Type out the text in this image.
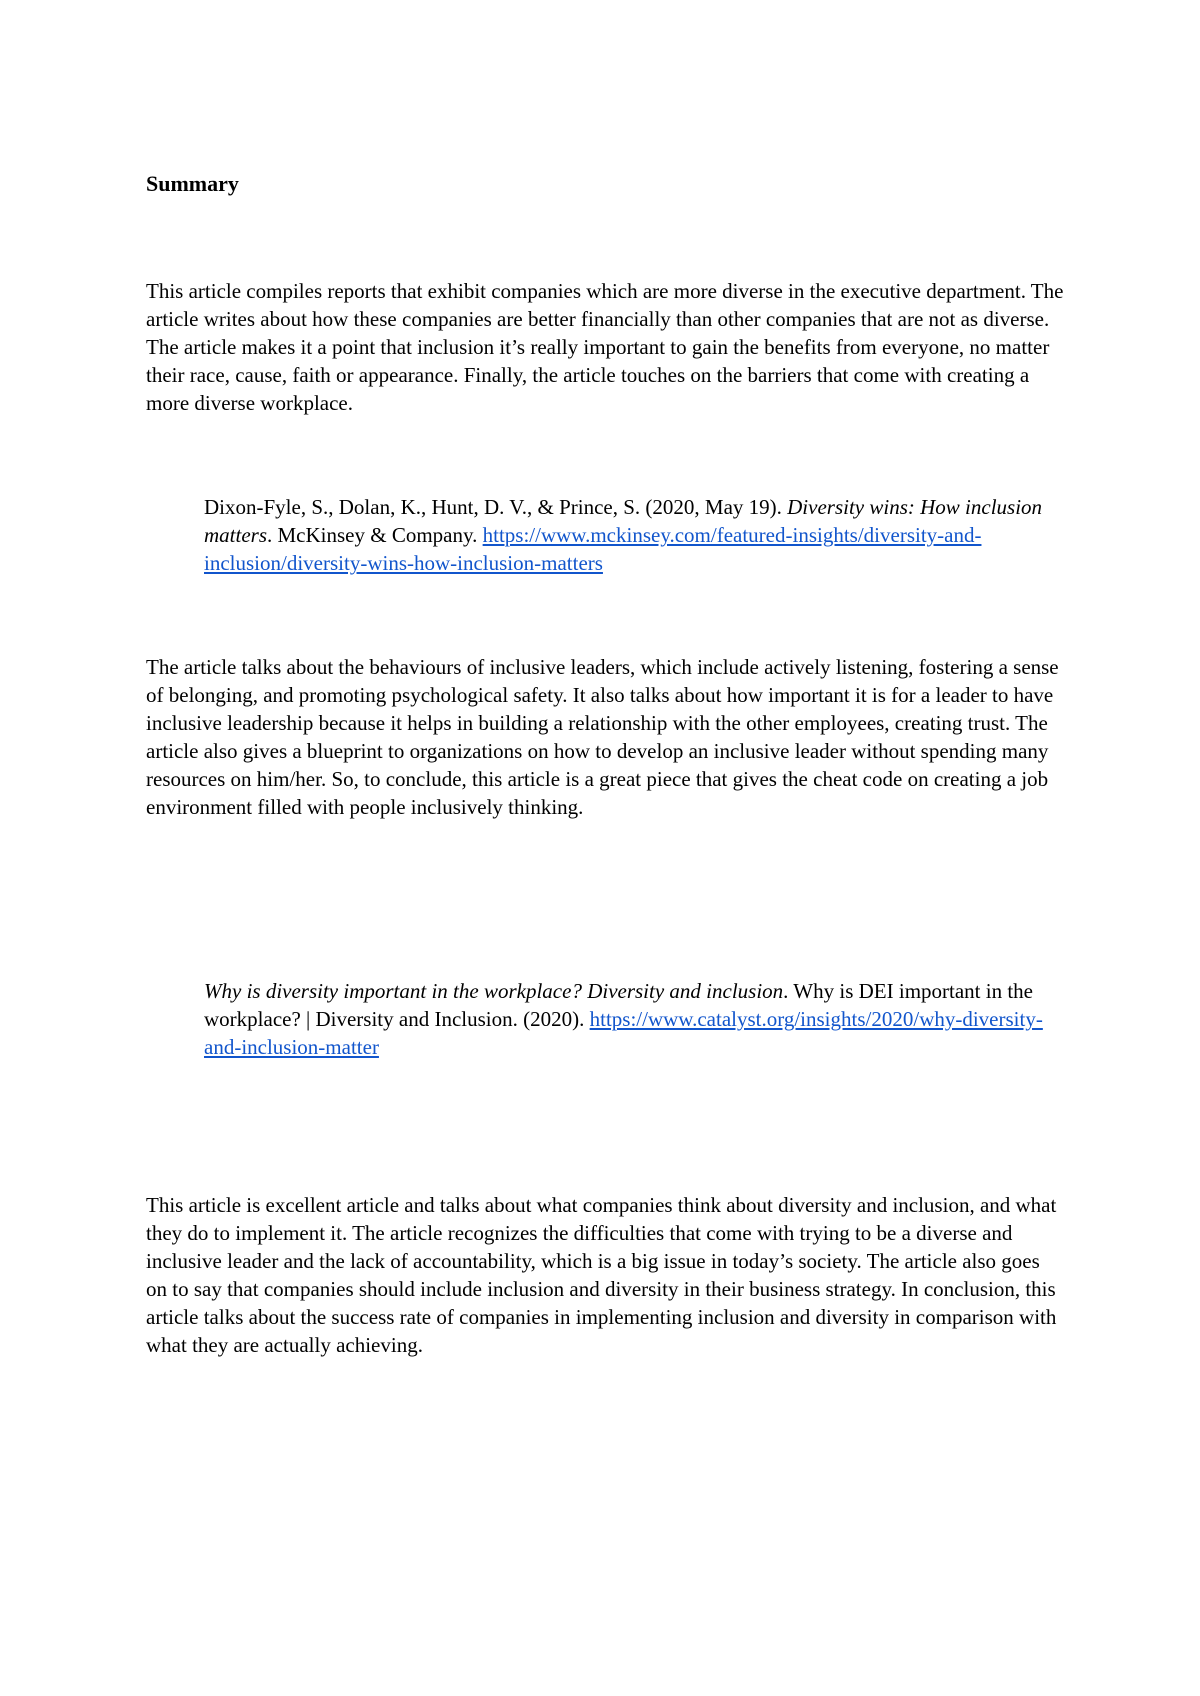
Summary

This article compiles reports that exhibit companies which are more diverse in the executive department. The article writes about how these companies are better financially than other companies that are not as diverse. The article makes it a point that inclusion it’s really important to gain the benefits from everyone, no matter their race, cause, faith or appearance. Finally, the article touches on the barriers that come with creating a more diverse workplace.

Dixon-Fyle, S., Dolan, K., Hunt, D. V., & Prince, S. (2020, May 19). Diversity wins: How inclusion matters. McKinsey & Company. https://www.mckinsey.com/featured-insights/diversity-and-inclusion/diversity-wins-how-inclusion-matters

The article talks about the behaviours of inclusive leaders, which include actively listening, fostering a sense of belonging, and promoting psychological safety. It also talks about how important it is for a leader to have inclusive leadership because it helps in building a relationship with the other employees, creating trust. The article also gives a blueprint to organizations on how to develop an inclusive leader without spending many resources on him/her. So, to conclude, this article is a great piece that gives the cheat code on creating a job environment filled with people inclusively thinking.

Why is diversity important in the workplace? Diversity and inclusion. Why is DEI important in the workplace? | Diversity and Inclusion. (2020). https://www.catalyst.org/insights/2020/why-diversity-and-inclusion-matter

This article is excellent article and talks about what companies think about diversity and inclusion, and what they do to implement it. The article recognizes the difficulties that come with trying to be a diverse and inclusive leader and the lack of accountability, which is a big issue in today’s society. The article also goes on to say that companies should include inclusion and diversity in their business strategy. In conclusion, this article talks about the success rate of companies in implementing inclusion and diversity in comparison with what they are actually achieving.
